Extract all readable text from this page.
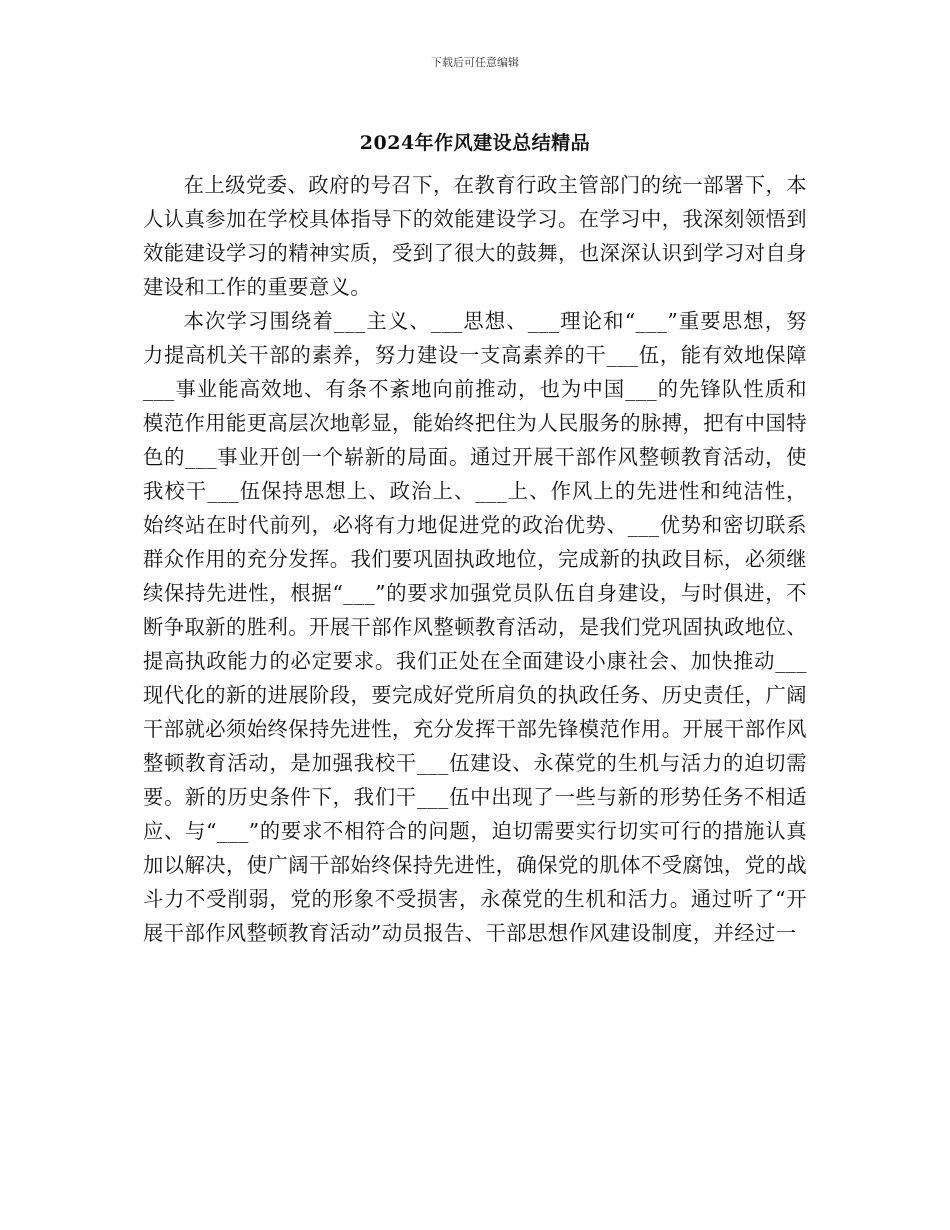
下载后可任意编辑
2024年作风建设总结精品

在上级党委、政府的号召下，在教育行政主管部门的统一部署下，本人认真参加在学校具体指导下的效能建设学习。在学习中，我深刻领悟到效能建设学习的精神实质，受到了很大的鼓舞，也深深认识到学习对自身建设和工作的重要意义。

本次学习围绕着___主义、___思想、___理论和“___”重要思想，努力提高机关干部的素养，努力建设一支高素养的干___伍，能有效地保障___事业能高效地、有条不紊地向前推动，也为中国___的先锋队性质和模范作用能更高层次地彰显，能始终把住为人民服务的脉搏，把有中国特色的___事业开创一个崭新的局面。通过开展干部作风整顿教育活动，使我校干___伍保持思想上、政治上、___上、作风上的先进性和纯洁性，始终站在时代前列，必将有力地促进党的政治优势、___优势和密切联系群众作用的充分发挥。我们要巩固执政地位，完成新的执政目标，必须继续保持先进性，根据“___”的要求加强党员队伍自身建设，与时俱进，不断争取新的胜利。开展干部作风整顿教育活动，是我们党巩固执政地位、提高执政能力的必定要求。我们正处在全面建设小康社会、加快推动___现代化的新的进展阶段，要完成好党所肩负的执政任务、历史责任，广阔干部就必须始终保持先进性，充分发挥干部先锋模范作用。开展干部作风整顿教育活动，是加强我校干___伍建设、永葆党的生机与活力的迫切需要。新的历史条件下，我们干___伍中出现了一些与新的形势任务不相适应、与“___”的要求不相符合的问题，迫切需要实行切实可行的措施认真加以解决，使广阔干部始终保持先进性，确保党的肌体不受腐蚀，党的战斗力不受削弱，党的形象不受损害，永葆党的生机和活力。通过听了“开展干部作风整顿教育活动”动员报告、干部思想作风建设制度，并经过一
